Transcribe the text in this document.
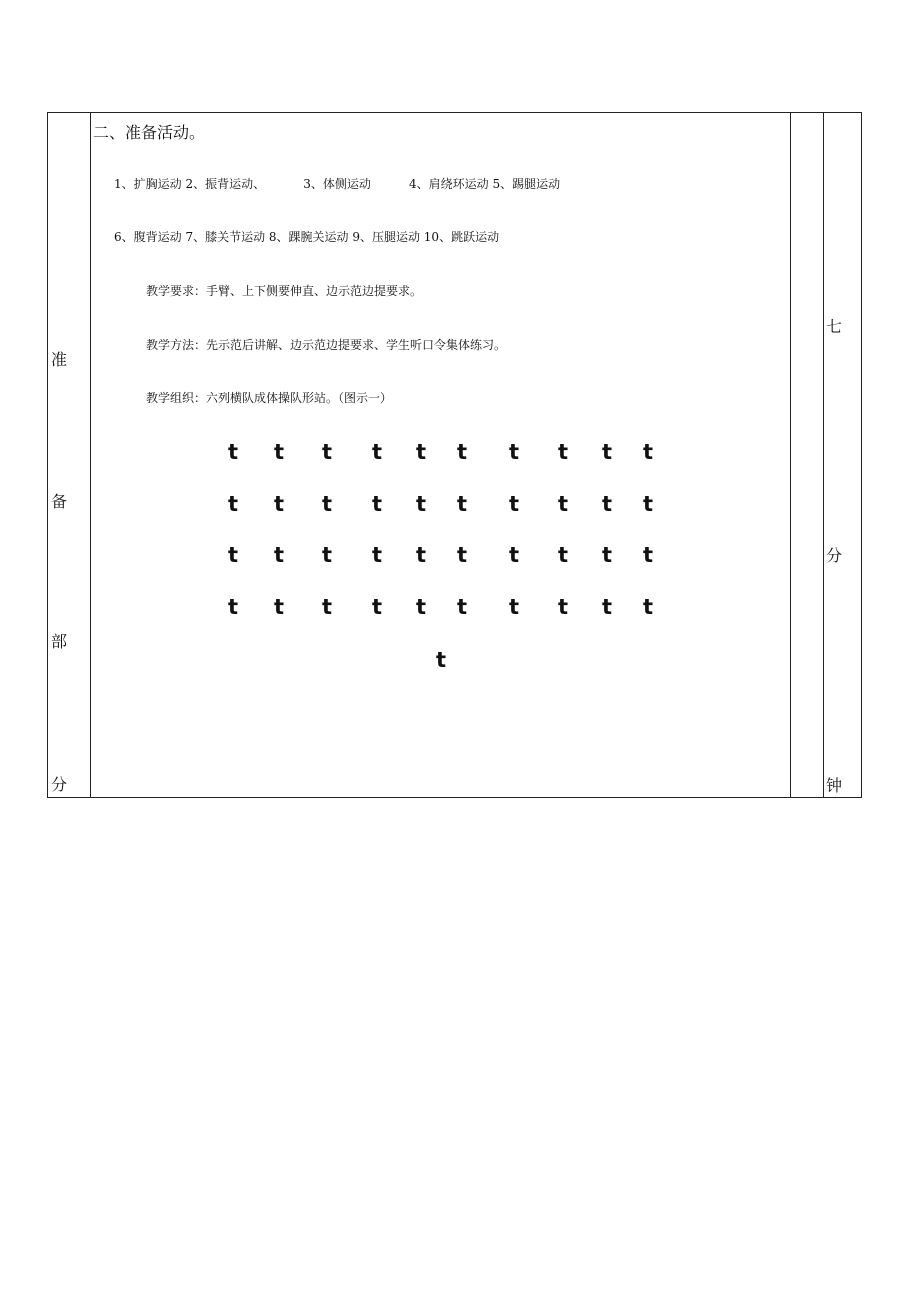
准
备
部
分
七
分
钟
二、准备活动。
1、扩胸运动 2、振背运动、          3、体侧运动          4、肩绕环运动 5、踢腿运动
6、腹背运动 7、膝关节运动 8、踝腕关运动 9、压腿运动 10、跳跃运动
教学要求：手臂、上下侧要伸直、边示范边提要求。
教学方法：先示范后讲解、边示范边提要求、学生听口令集体练习。
教学组织：六列横队成体操队形站。（图示一）
t t t t t t t t t t
t t t t t t t t t t
t t t t t t t t t t
t t t t t t t t t t
t
